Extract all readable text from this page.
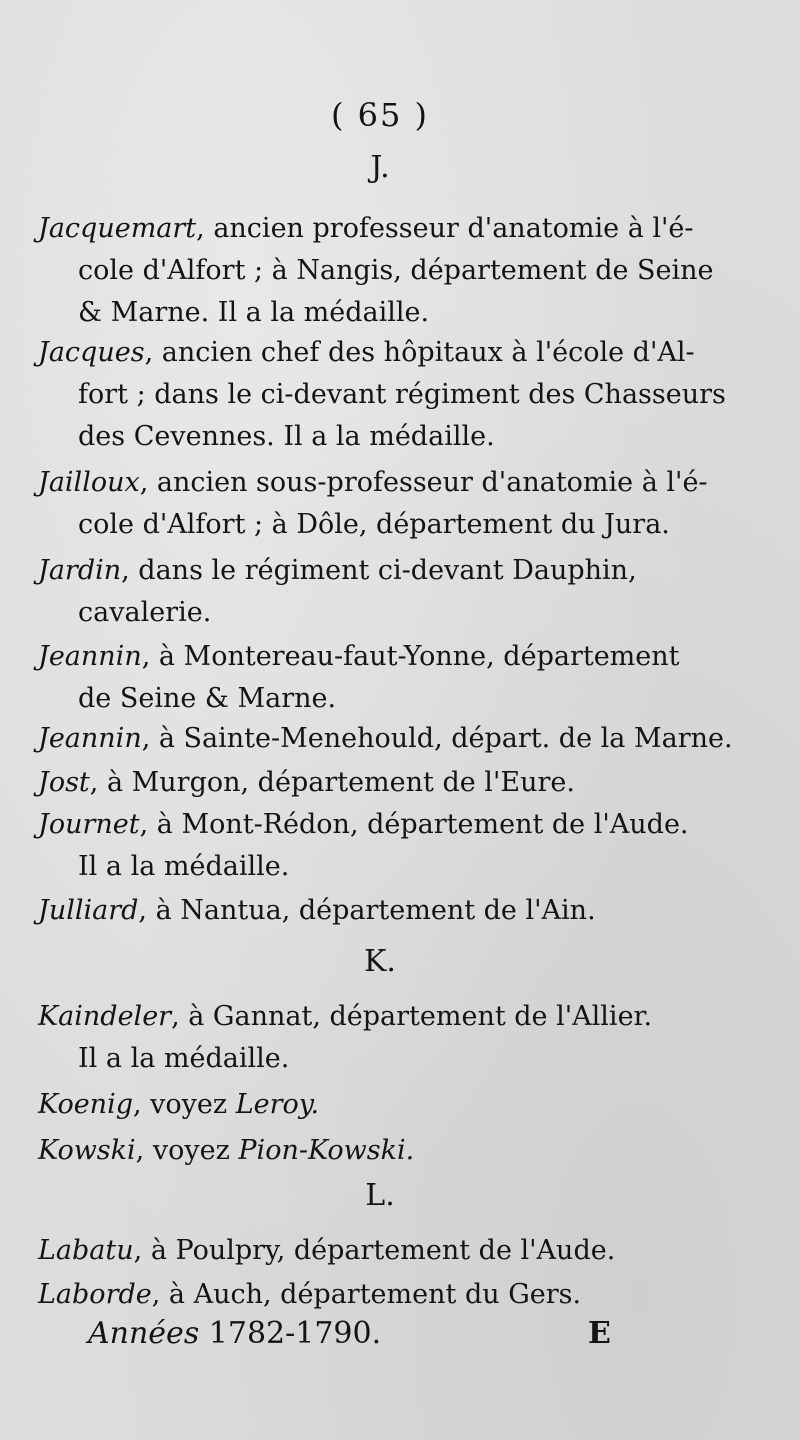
( 65 )
J.
Jacquemart, ancien professeur d'anatomie à l'é-
cole d'Alfort ; à Nangis, département de Seine
& Marne. Il a la médaille.
Jacques, ancien chef des hôpitaux à l'école d'Al-
fort ; dans le ci-devant régiment des Chasseurs
des Cevennes. Il a la médaille.
Jailloux, ancien sous-professeur d'anatomie à l'é-
cole d'Alfort ; à Dôle, département du Jura.
Jardin, dans le régiment ci-devant Dauphin,
cavalerie.
Jeannin, à Montereau-faut-Yonne, département
de Seine & Marne.
Jeannin, à Sainte-Menehould, départ. de la Marne.
Jost, à Murgon, département de l'Eure.
Journet, à Mont-Rédon, département de l'Aude.
Il a la médaille.
Julliard, à Nantua, département de l'Ain.
K.
Kaindeler, à Gannat, département de l'Allier.
Il a la médaille.
Koenig, voyez Leroy.
Kowski, voyez Pion-Kowski.
L.
Labatu, à Poulpry, département de l'Aude.
Laborde, à Auch, département du Gers.
Années 1782-1790.	E
